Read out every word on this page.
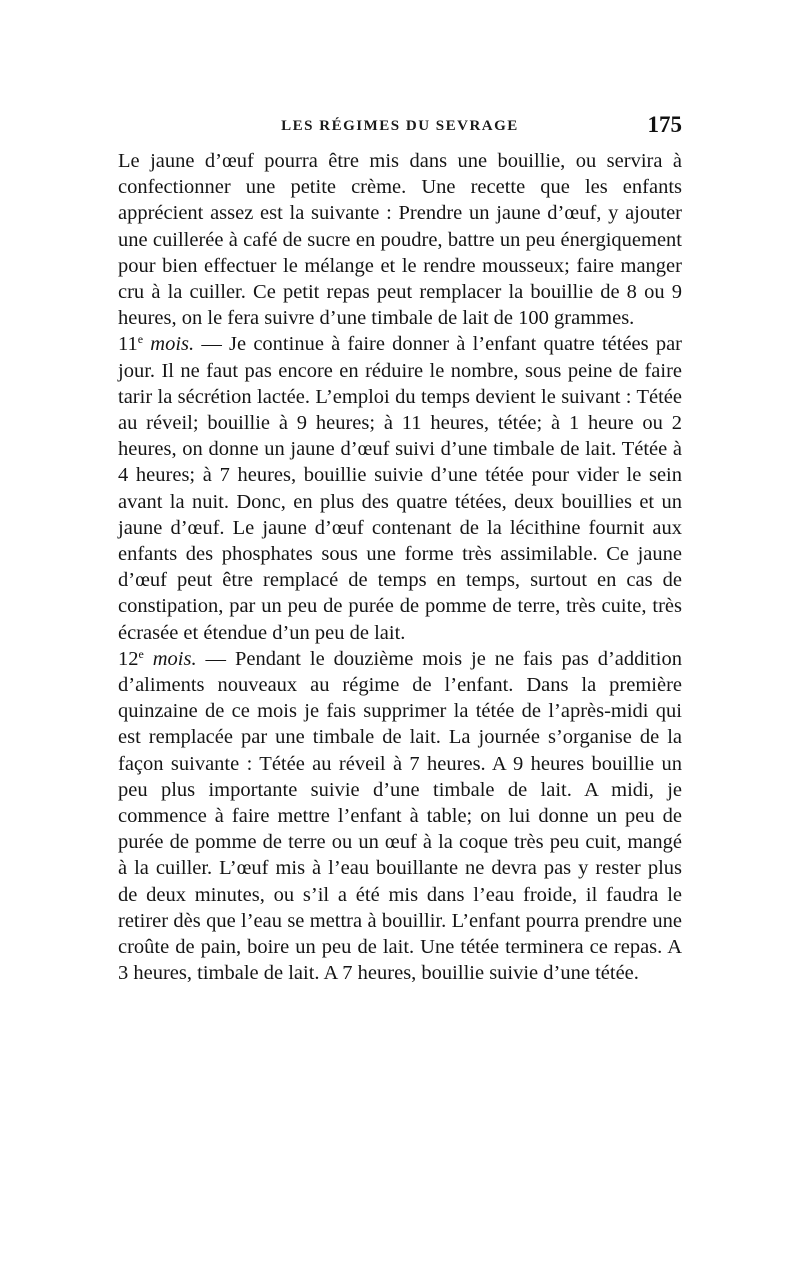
LES RÉGIMES DU SEVRAGE	175

Le jaune d’œuf pourra être mis dans une bouillie, ou servira à confectionner une petite crème. Une recette que les enfants apprécient assez est la suivante : Prendre un jaune d’œuf, y ajouter une cuillerée à café de sucre en poudre, battre un peu énergiquement pour bien effectuer le mélange et le rendre mousseux; faire manger cru à la cuiller. Ce petit repas peut remplacer la bouillie de 8 ou 9 heures, on le fera suivre d’une timbale de lait de 100 grammes.

11e mois. — Je continue à faire donner à l’enfant quatre tétées par jour. Il ne faut pas encore en réduire le nombre, sous peine de faire tarir la sécrétion lactée. L’emploi du temps devient le suivant : Tétée au réveil; bouillie à 9 heures; à 11 heures, tétée; à 1 heure ou 2 heures, on donne un jaune d’œuf suivi d’une timbale de lait. Tétée à 4 heures; à 7 heures, bouillie suivie d’une tétée pour vider le sein avant la nuit. Donc, en plus des quatre tétées, deux bouillies et un jaune d’œuf. Le jaune d’œuf contenant de la lécithine fournit aux enfants des phosphates sous une forme très assimilable. Ce jaune d’œuf peut être remplacé de temps en temps, surtout en cas de constipation, par un peu de purée de pomme de terre, très cuite, très écrasée et étendue d’un peu de lait.

12e mois. — Pendant le douzième mois je ne fais pas d’addition d’aliments nouveaux au régime de l’enfant. Dans la première quinzaine de ce mois je fais supprimer la tétée de l’après-midi qui est remplacée par une timbale de lait. La journée s’organise de la façon suivante : Tétée au réveil à 7 heures. A 9 heures bouillie un peu plus importante suivie d’une timbale de lait. A midi, je commence à faire mettre l’enfant à table; on lui donne un peu de purée de pomme de terre ou un œuf à la coque très peu cuit, mangé à la cuiller. L’œuf mis à l’eau bouillante ne devra pas y rester plus de deux minutes, ou s’il a été mis dans l’eau froide, il faudra le retirer dès que l’eau se mettra à bouillir. L’enfant pourra prendre une croûte de pain, boire un peu de lait. Une tétée terminera ce repas. A 3 heures, timbale de lait. A 7 heures, bouillie suivie d’une tétée.
